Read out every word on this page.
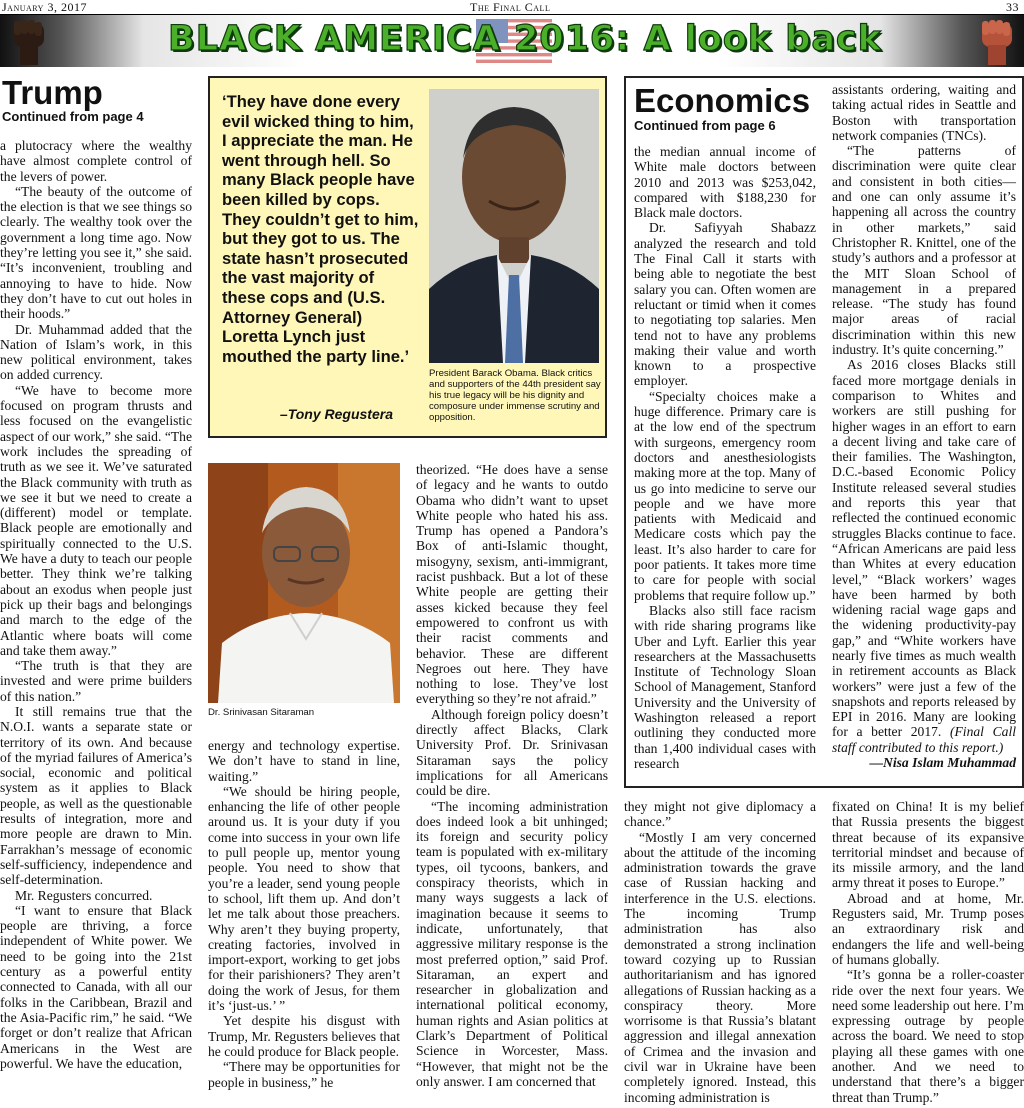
January 3, 2017	The Final Call	33
BLACK AMERICA 2016: A look back
Trump
Continued from page 4

a plutocracy where the wealthy have almost complete control of the levers of power.

“The beauty of the outcome of the election is that we see things so clearly. The wealthy took over the government a long time ago. Now they’re letting you see it,” she said. “It’s inconvenient, troubling and annoying to have to hide. Now they don’t have to cut out holes in their hoods.”

Dr. Muhammad added that the Nation of Islam’s work, in this new political environment, takes on added currency.

“We have to become more focused on program thrusts and less focused on the evangelistic aspect of our work,” she said. “The work includes the spreading of truth as we see it. We’ve saturated the Black community with truth as we see it but we need to create a (different) model or template. Black people are emotionally and spiritually connected to the U.S. We have a duty to teach our people better. They think we’re talking about an exodus when people just pick up their bags and belongings and march to the edge of the Atlantic where boats will come and take them away.”

“The truth is that they are invested and were prime builders of this nation.”

It still remains true that the N.O.I. wants a separate state or territory of its own. And because of the myriad failures of America’s social, economic and political system as it applies to Black people, as well as the questionable results of integration, more and more people are drawn to Min. Farrakhan’s message of economic self-sufficiency, independence and self-determination.

Mr. Regusters concurred.

“I want to ensure that Black people are thriving, a force independent of White power. We need to be going into the 21st century as a powerful entity connected to Canada, with all our folks in the Caribbean, Brazil and the Asia-Pacific rim,” he said. “We forget or don’t realize that African Americans in the West are powerful. We have the education,

‘They have done every evil wicked thing to him, I appreciate the man. He went through hell. So many Black people have been killed by cops. They couldn’t get to him, but they got to us. The state hasn’t prosecuted the vast majority of these cops and (U.S. Attorney General) Loretta Lynch just mouthed the party line.’
–Tony Regustera
President Barack Obama. Black critics and supporters of the 44th president say his true legacy will be his dignity and composure under immense scrutiny and opposition.
Dr. Srinivasan Sitaraman

energy and technology expertise. We don’t have to stand in line, waiting.”

“We should be hiring people, enhancing the life of other people around us. It is your duty if you come into success in your own life to pull people up, mentor young people. You need to show that you’re a leader, send young people to school, lift them up. And don’t let me talk about those preachers. Why aren’t they buying property, creating factories, involved in import-export, working to get jobs for their parishioners? They aren’t doing the work of Jesus, for them it’s ‘just-us.’ ”

Yet despite his disgust with Trump, Mr. Regusters believes that he could produce for Black people.

“There may be opportunities for people in business,” he

theorized. “He does have a sense of legacy and he wants to outdo Obama who didn’t want to upset White people who hated his ass. Trump has opened a Pandora’s Box of anti-Islamic thought, misogyny, sexism, anti-immigrant, racist pushback. But a lot of these White people are getting their asses kicked because they feel empowered to confront us with their racist comments and behavior. These are different Negroes out here. They have nothing to lose. They’ve lost everything so they’re not afraid.”

Although foreign policy doesn’t directly affect Blacks, Clark University Prof. Dr. Srinivasan Sitaraman says the policy implications for all Americans could be dire.

“The incoming administration does indeed look a bit unhinged; its foreign and security policy team is populated with ex-military types, oil tycoons, bankers, and conspiracy theorists, which in many ways suggests a lack of imagination because it seems to indicate, unfortunately, that aggressive military response is the most preferred option,” said Prof. Sitaraman, an expert and researcher in globalization and international political economy, human rights and Asian politics at Clark’s Department of Political Science in Worcester, Mass. “However, that might not be the only answer. I am concerned that

Economics
Continued from page 6

the median annual income of White male doctors between 2010 and 2013 was $253,042, compared with $188,230 for Black male doctors.

Dr. Safiyyah Shabazz analyzed the research and told The Final Call it starts with being able to negotiate the best salary you can. Often women are reluctant or timid when it comes to negotiating top salaries. Men tend not to have any problems making their value and worth known to a prospective employer.

“Specialty choices make a huge difference. Primary care is at the low end of the spectrum with surgeons, emergency room doctors and anesthesiologists making more at the top. Many of us go into medicine to serve our people and we have more patients with Medicaid and Medicare costs which pay the least. It’s also harder to care for poor patients. It takes more time to care for people with social problems that require follow up.”

Blacks also still face racism with ride sharing programs like Uber and Lyft. Earlier this year researchers at the Massachusetts Institute of Technology Sloan School of Management, Stanford University and the University of Washington released a report outlining they conducted more than 1,400 individual cases with research

assistants ordering, waiting and taking actual rides in Seattle and Boston with transportation network companies (TNCs).

“The patterns of discrimination were quite clear and consistent in both cities—and one can only assume it’s happening all across the country in other markets,” said Christopher R. Knittel, one of the study’s authors and a professor at the MIT Sloan School of management in a prepared release. “The study has found major areas of racial discrimination within this new industry. It’s quite concerning.”

As 2016 closes Blacks still faced more mortgage denials in comparison to Whites and workers are still pushing for higher wages in an effort to earn a decent living and take care of their families. The Washington, D.C.-based Economic Policy Institute released several studies and reports this year that reflected the continued economic struggles Blacks continue to face. “African Americans are paid less than Whites at every education level,” “Black workers’ wages have been harmed by both widening racial wage gaps and the widening productivity-pay gap,” and “White workers have nearly five times as much wealth in retirement accounts as Black workers” were just a few of the snapshots and reports released by EPI in 2016. Many are looking for a better 2017. (Final Call staff contributed to this report.)

—Nisa Islam Muhammad

they might not give diplomacy a chance.”

“Mostly I am very concerned about the attitude of the incoming administration towards the grave case of Russian hacking and interference in the U.S. elections. The incoming Trump administration has also demonstrated a strong inclination toward cozying up to Russian authoritarianism and has ignored allegations of Russian hacking as a conspiracy theory. More worrisome is that Russia’s blatant aggression and illegal annexation of Crimea and the invasion and civil war in Ukraine have been completely ignored. Instead, this incoming administration is

fixated on China! It is my belief that Russia presents the biggest threat because of its expansive territorial mindset and because of its missile armory, and the land army threat it poses to Europe.”

Abroad and at home, Mr. Regusters said, Mr. Trump poses an extraordinary risk and endangers the life and well-being of humans globally.

“It’s gonna be a roller-coaster ride over the next four years. We need some leadership out here. I’m expressing outrage by people across the board. We need to stop playing all these games with one another. And we need to understand that there’s a bigger threat than Trump.”
